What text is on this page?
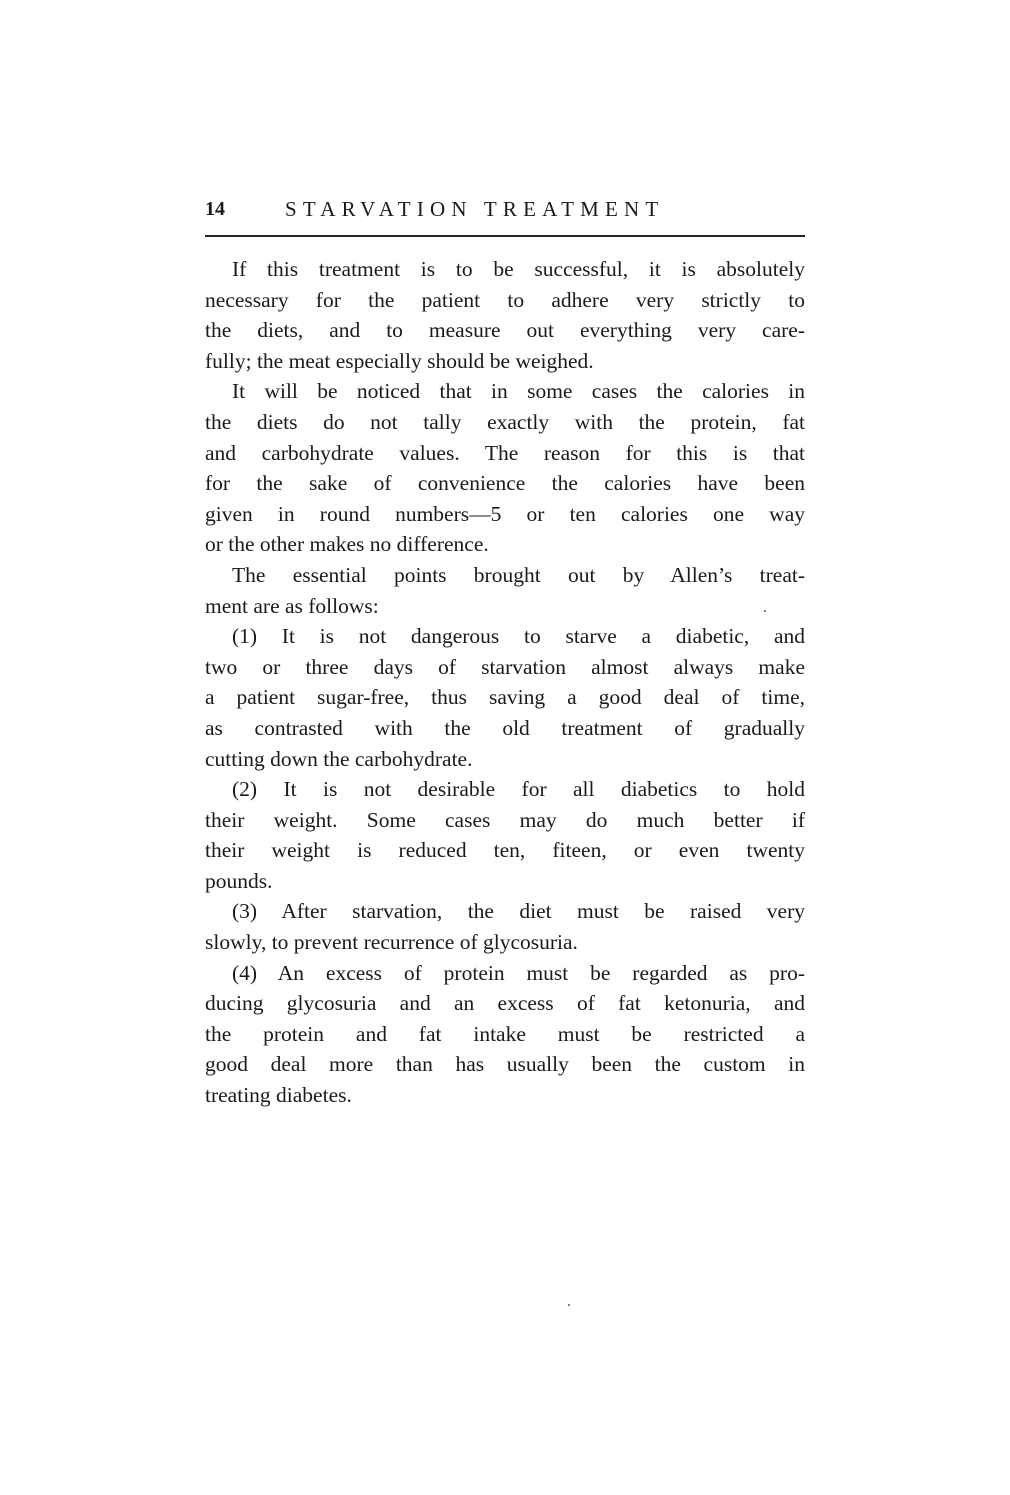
14	STARVATION TREATMENT
If this treatment is to be successful, it is absolutely
necessary for the patient to adhere very strictly to
the diets, and to measure out everything very care-
fully; the meat especially should be weighed.
It will be noticed that in some cases the calories in
the diets do not tally exactly with the protein, fat
and carbohydrate values. The reason for this is that
for the sake of convenience the calories have been
given in round numbers—5 or ten calories one way
or the other makes no difference.
The essential points brought out by Allen’s treat-
ment are as follows:
(1) It is not dangerous to starve a diabetic, and
two or three days of starvation almost always make
a patient sugar-free, thus saving a good deal of time,
as contrasted with the old treatment of gradually
cutting down the carbohydrate.
(2) It is not desirable for all diabetics to hold
their weight. Some cases may do much better if
their weight is reduced ten, fiteen, or even twenty
pounds.
(3) After starvation, the diet must be raised very
slowly, to prevent recurrence of glycosuria.
(4) An excess of protein must be regarded as pro-
ducing glycosuria and an excess of fat ketonuria, and
the protein and fat intake must be restricted a
good deal more than has usually been the custom in
treating diabetes.
